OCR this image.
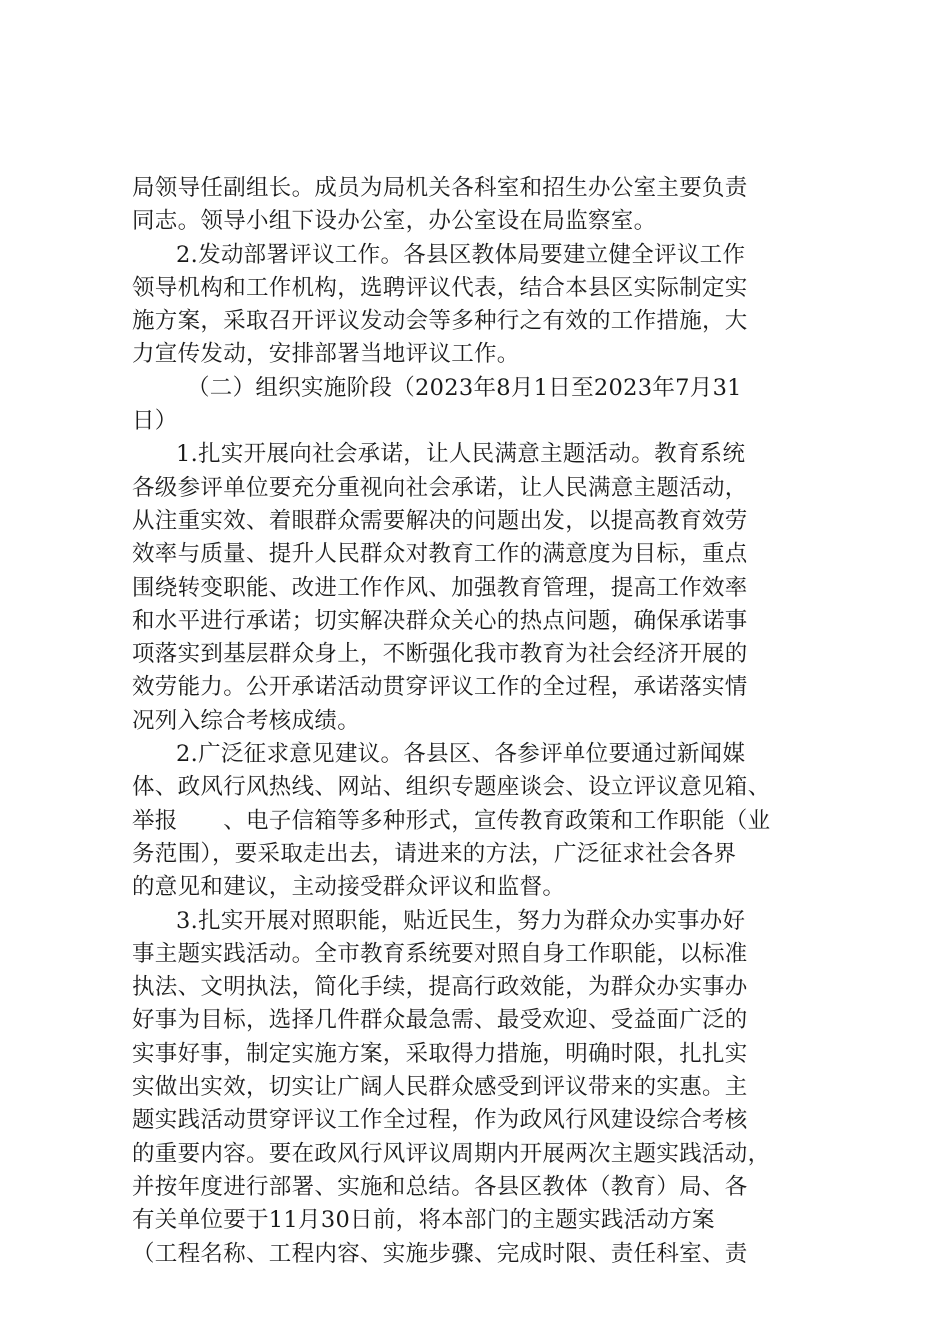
局领导任副组长。成员为局机关各科室和招生办公室主要负责
同志。领导小组下设办公室，办公室设在局监察室。
2.发动部署评议工作。各县区教体局要建立健全评议工作
领导机构和工作机构，选聘评议代表，结合本县区实际制定实
施方案，采取召开评议发动会等多种行之有效的工作措施，大
力宣传发动，安排部署当地评议工作。
（二）组织实施阶段（2023年8月1日至2023年7月31
日）
1.扎实开展向社会承诺，让人民满意主题活动。教育系统
各级参评单位要充分重视向社会承诺，让人民满意主题活动，
从注重实效、着眼群众需要解决的问题出发，以提高教育效劳
效率与质量、提升人民群众对教育工作的满意度为目标，重点
围绕转变职能、改进工作作风、加强教育管理，提高工作效率
和水平进行承诺；切实解决群众关心的热点问题，确保承诺事
项落实到基层群众身上，不断强化我市教育为社会经济开展的
效劳能力。公开承诺活动贯穿评议工作的全过程，承诺落实情
况列入综合考核成绩。
2.广泛征求意见建议。各县区、各参评单位要通过新闻媒
体、政风行风热线、网站、组织专题座谈会、设立评议意见箱、
举报　　、电子信箱等多种形式，宣传教育政策和工作职能（业
务范围），要采取走出去，请进来的方法，广泛征求社会各界
的意见和建议，主动接受群众评议和监督。
3.扎实开展对照职能，贴近民生，努力为群众办实事办好
事主题实践活动。全市教育系统要对照自身工作职能，以标准
执法、文明执法，简化手续，提高行政效能，为群众办实事办
好事为目标，选择几件群众最急需、最受欢迎、受益面广泛的
实事好事，制定实施方案，采取得力措施，明确时限，扎扎实
实做出实效，切实让广阔人民群众感受到评议带来的实惠。主
题实践活动贯穿评议工作全过程，作为政风行风建设综合考核
的重要内容。要在政风行风评议周期内开展两次主题实践活动，
并按年度进行部署、实施和总结。各县区教体（教育）局、各
有关单位要于11月30日前，将本部门的主题实践活动方案
（工程名称、工程内容、实施步骤、完成时限、责任科室、责
